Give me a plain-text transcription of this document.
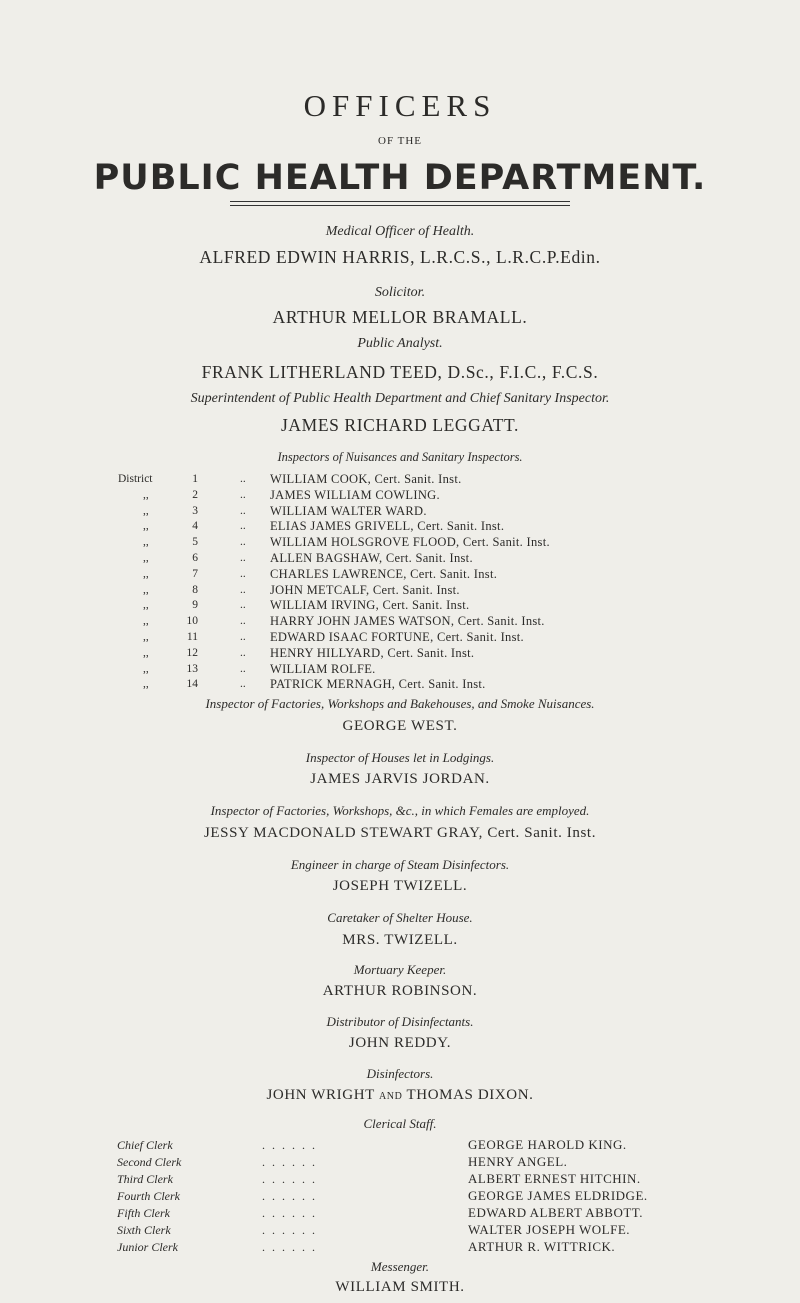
OFFICERS
OF THE
PUBLIC HEALTH DEPARTMENT.
Medical Officer of Health.
ALFRED EDWIN HARRIS, L.R.C.S., L.R.C.P.Edin.
Solicitor.
ARTHUR MELLOR BRAMALL.
Public Analyst.
FRANK LITHERLAND TEED, D.Sc., F.I.C., F.C.S.
Superintendent of Public Health Department and Chief Sanitary Inspector.
JAMES RICHARD LEGGATT.
Inspectors of Nuisances and Sanitary Inspectors.
District	1	.. WILLIAM COOK, Cert. Sanit. Inst.
,,	2	.. JAMES WILLIAM COWLING.
,,	3	.. WILLIAM WALTER WARD.
,,	4	.. ELIAS JAMES GRIVELL, Cert. Sanit. Inst.
,,	5	.. WILLIAM HOLSGROVE FLOOD, Cert. Sanit. Inst.
,,	6	.. ALLEN BAGSHAW, Cert. Sanit. Inst.
,,	7	.. CHARLES LAWRENCE, Cert. Sanit. Inst.
,,	8	.. JOHN METCALF, Cert. Sanit. Inst.
,,	9	.. WILLIAM IRVING, Cert. Sanit. Inst.
,,	10	.. HARRY JOHN JAMES WATSON, Cert. Sanit. Inst.
,,	11	.. EDWARD ISAAC FORTUNE, Cert. Sanit. Inst.
,,	12	.. HENRY HILLYARD, Cert. Sanit. Inst.
,,	13	.. WILLIAM ROLFE.
,,	14	.. PATRICK MERNAGH, Cert. Sanit. Inst.
Inspector of Factories, Workshops and Bakehouses, and Smoke Nuisances.
GEORGE WEST.
Inspector of Houses let in Lodgings.
JAMES JARVIS JORDAN.
Inspector of Factories, Workshops, &c., in which Females are employed.
JESSY MACDONALD STEWART GRAY, Cert. Sanit. Inst.
Engineer in charge of Steam Disinfectors.
JOSEPH TWIZELL.
Caretaker of Shelter House.
MRS. TWIZELL.
Mortuary Keeper.
ARTHUR ROBINSON.
Distributor of Disinfectants.
JOHN REDDY.
Disinfectors.
JOHN WRIGHT AND THOMAS DIXON.
Clerical Staff.
Chief Clerk	......	GEORGE HAROLD KING.
Second Clerk	......	HENRY ANGEL.
Third Clerk	......	ALBERT ERNEST HITCHIN.
Fourth Clerk	......	GEORGE JAMES ELDRIDGE.
Fifth Clerk	......	EDWARD ALBERT ABBOTT.
Sixth Clerk	......	WALTER JOSEPH WOLFE.
Junior Clerk	......	ARTHUR R. WITTRICK.
Messenger.
WILLIAM SMITH.
